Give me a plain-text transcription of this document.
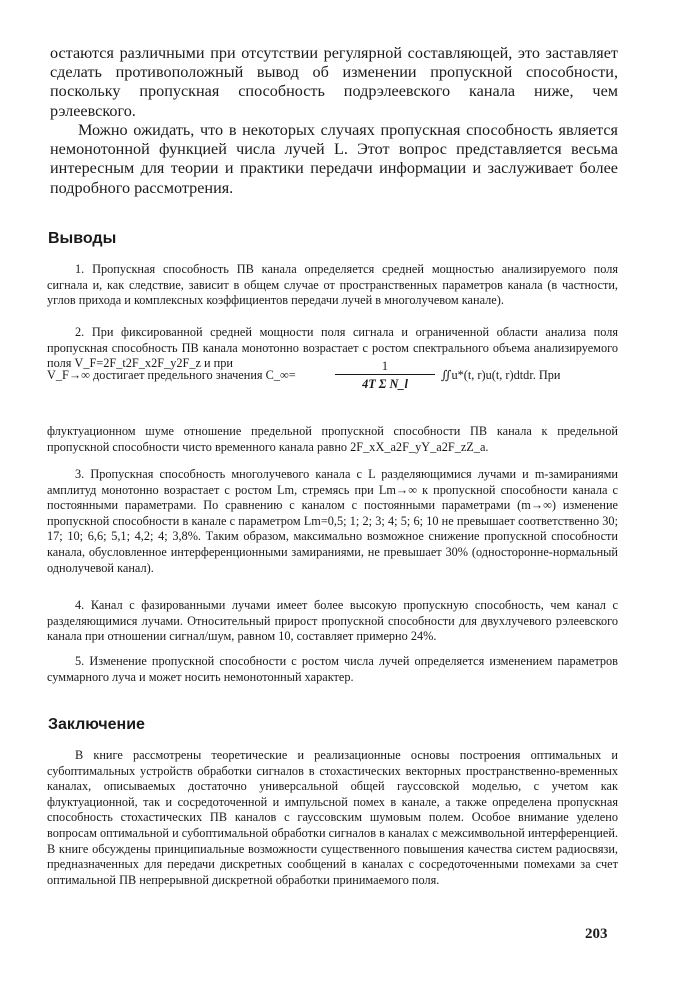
остаются различными при отсутствии регулярной составляющей, это заставляет сделать противоположный вывод об изменении пропускной способности, поскольку пропускная способность подрэлеевского канала ниже, чем рэлеевского.

Можно ожидать, что в некоторых случаях пропускная способность является немонотонной функцией числа лучей L. Этот вопрос представляется весьма интересным для теории и практики передачи информации и заслуживает более подробного рассмотрения.

Выводы

1. Пропускная способность ПВ канала определяется средней мощностью анализируемого поля сигнала и, как следствие, зависит в общем случае от пространственных параметров канала (в частности, углов прихода и комплексных коэффициентов передачи лучей в многолучевом канале).

2. При фиксированной средней мощности поля сигнала и ограниченной области анализа поля пропускная способность ПВ канала монотонно возрастает с ростом спектрального объема анализируемого поля V_F=2F_t2F_x2F_y2F_z и при

V_F→∞ достигает предельного значения C_∞=	$\frac{1}{\text{4T Σ N\_l}}$ ∬u*(t, r)u(t, r)dtdr. При

флуктуационном шуме отношение предельной пропускной способности ПВ канала к предельной пропускной способности чисто временного канала равно 2F_xX_a2F_yY_a2F_zZ_a.

3. Пропускная способность многолучевого канала с L разделяющимися лучами и m-замираниями амплитуд монотонно возрастает с ростом Lm, стремясь при Lm→∞ к пропускной способности канала с постоянными параметрами. По сравнению с каналом с постоянными параметрами (m→∞) изменение пропускной способности в канале с параметром Lm=0,5; 1; 2; 3; 4; 5; 6; 10 не превышает соответственно 30; 17; 10; 6,6; 5,1; 4,2; 4; 3,8%. Таким образом, максимально возможное снижение пропускной способности канала, обусловленное интерференционными замираниями, не превышает 30% (односторонне-нормальный однолучевой канал).

4. Канал с фазированными лучами имеет более высокую пропускную способность, чем канал с разделяющимися лучами. Относительный прирост пропускной способности для двухлучевого рэлеевского канала при отношении сигнал/шум, равном 10, составляет примерно 24%.

5. Изменение пропускной способности с ростом числа лучей определяется изменением параметров суммарного луча и может носить немонотонный характер.

Заключение

В книге рассмотрены теоретические и реализационные основы построения оптимальных и субоптимальных устройств обработки сигналов в стохастических векторных пространственно-временных каналах, описываемых достаточно универсальной общей гауссовской моделью, с учетом как флуктуационной, так и сосредоточенной и импульсной помех в канале, а также определена пропускная способность стохастических ПВ каналов с гауссовским шумовым полем. Особое внимание уделено вопросам оптимальной и субоптимальной обработки сигналов в каналах с межсимвольной интерференцией. В книге обсуждены принципиальные возможности существенного повышения качества систем радиосвязи, предназначенных для передачи дискретных сообщений в каналах с сосредоточенными помехами за счет оптимальной ПВ непрерывной дискретной обработки принимаемого поля.

203
